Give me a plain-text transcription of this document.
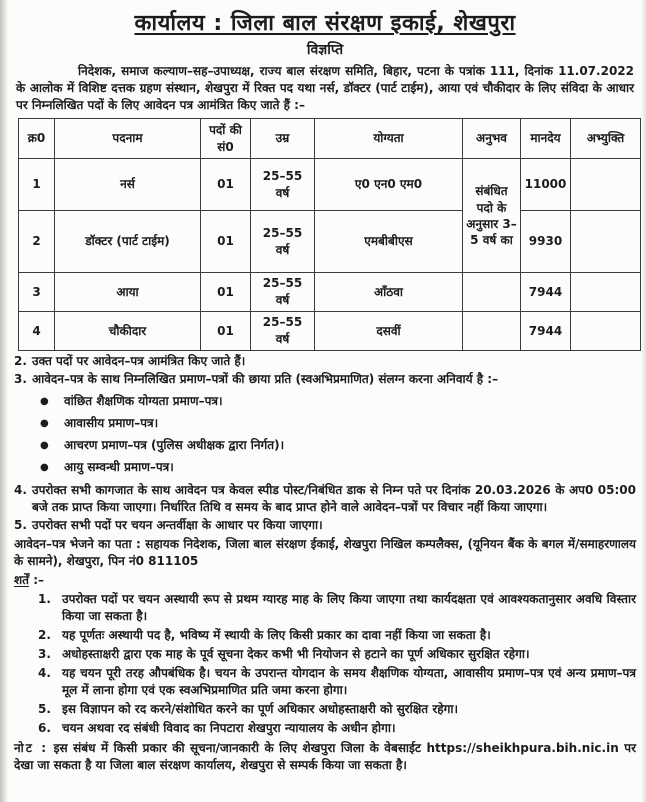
कार्यालय : जिला बाल संरक्षण इकाई, शेखपुरा
विज्ञप्ति
निदेशक, समाज कल्याण–सह–उपाध्यक्ष, राज्य बाल संरक्षण समिति, बिहार, पटना के पत्रांक 111, दिनांक 11.07.2022 के आलोक में विशिष्ट दत्तक ग्रहण संस्थान, शेखपुरा में रिक्त पद यथा नर्स, डॉक्टर (पार्ट टाईम), आया एवं चौकीदार के लिए संविदा के आधार पर निम्नलिखित पदों के लिए आवेदन पत्र आमंत्रित किए जाते हैं :–
क्र0	पदनाम	पदों की सं0	उम्र	योग्यता	अनुभव	मानदेय	अभ्युक्ति
1	नर्स	01	25–55 वर्ष	ए0 एन0 एम0	संबंधित पदो के अनुसार 3–5 वर्ष का	11000	
2	डॉक्टर (पार्ट टाईम)	01	25–55 वर्ष	एमबीबीएस		9930	
3	आया	01	25–55 वर्ष	आँठवा		7944	
4	चौकीदार	01	25–55 वर्ष	दसवीं		7944	
2. उक्त पदों पर आवेदन–पत्र आमंत्रित किए जाते हैं।
3. आवेदन–पत्र के साथ निम्नलिखित प्रमाण–पत्रों की छाया प्रति (स्वअभिप्रमाणित) संलग्न करना अनिवार्य है :–
●	वांछित शैक्षणिक योग्यता प्रमाण–पत्र।
●	आवासीय प्रमाण–पत्र।
●	आचरण प्रमाण–पत्र (पुलिस अधीक्षक द्वारा निर्गत)।
●	आयु सम्वन्धी प्रमाण–पत्र।
4. उपरोक्त सभी कागजात के साथ आवेदन पत्र केवल स्पीड पोस्ट/निबंधित डाक से निम्न पते पर दिनांक 20.03.2026 के अप0 05:00 बजे तक प्राप्त किया जाएगा। निर्धारित तिथि व समय के बाद प्राप्त होने वाले आवेदन–पत्रों पर विचार नहीं किया जाएगा।
5. उपरोक्त सभी पदों पर चयन अन्तर्वीक्षा के आधार पर किया जाएगा।
आवेदन–पत्र भेजने का पता : सहायक निदेशक, जिला बाल संरक्षण ईकाई, शेखपुरा निखिल कम्पलैक्स, (यूनियन बैंक के बगल में/समाहरणालय के सामने), शेखपुरा, पिन नं0 811105
शर्तें :–
1. उपरोक्त पदों पर चयन अस्थायी रूप से प्रथम ग्यारह माह के लिए किया जाएगा तथा कार्यदक्षता एवं आवश्यकतानुसार अवधि विस्तार किया जा सकता है।
2. यह पूर्णतः अस्थायी पद है, भविष्य में स्थायी के लिए किसी प्रकार का दावा नहीं किया जा सकता है।
3. अधोहस्ताक्षरी द्वारा एक माह के पूर्व सूचना देकर कभी भी नियोजन से हटाने का पूर्ण अधिकार सुरक्षित रहेगा।
4. यह चयन पूरी तरह औपबंधिक है। चयन के उपरान्त योगदान के समय शैक्षणिक योग्यता, आवासीय प्रमाण–पत्र एवं अन्य प्रमाण–पत्र मूल में लाना होगा एवं एक स्वअभिप्रमाणित प्रति जमा करना होगा।
5. इस विज्ञापन को रद करने/संशोधित करने का पूर्ण अधिकार अधोहस्ताक्षरी को सुरक्षित रहेगा।
6. चयन अथवा रद संबंधी विवाद का निपटारा शेखपुरा न्यायालय के अधीन होगा।
नोट : इस संबंध में किसी प्रकार की सूचना/जानकारी के लिए शेखपुरा जिला के वेबसाईट https://sheikhpura.bih.nic.in पर देखा जा सकता है या जिला बाल संरक्षण कार्यालय, शेखपुरा से सम्पर्क किया जा सकता है।
